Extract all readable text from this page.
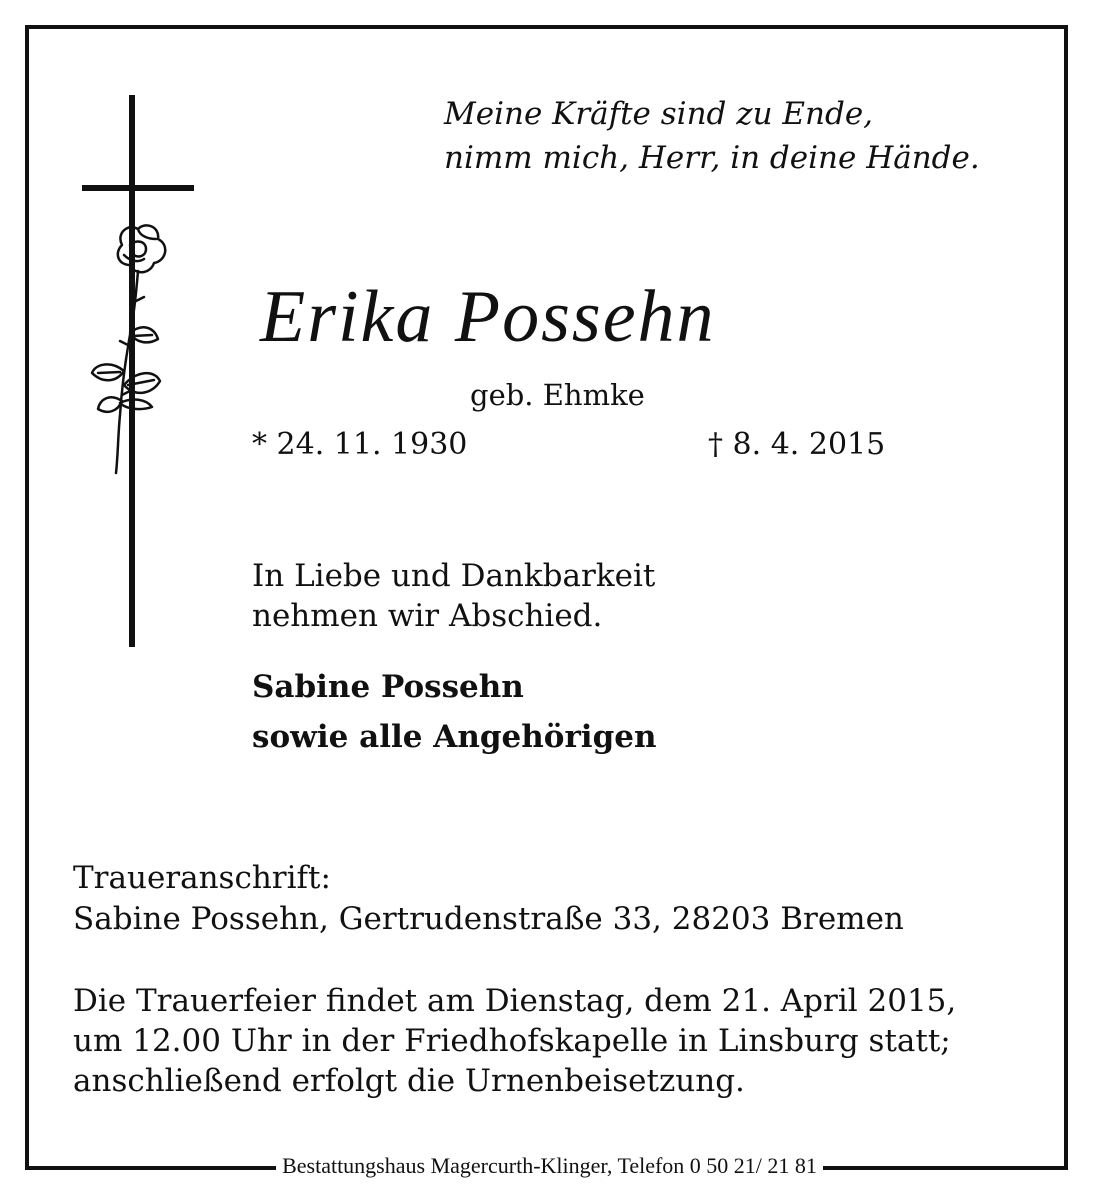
Meine Kräfte sind zu Ende,
nimm mich, Herr, in deine Hände.
Erika Possehn
geb. Ehmke
* 24. 11. 1930	† 8. 4. 2015
In Liebe und Dankbarkeit
nehmen wir Abschied.
Sabine Possehn
sowie alle Angehörigen
Traueranschrift:
Sabine Possehn, Gertrudenstraße 33, 28203 Bremen
Die Trauerfeier findet am Dienstag, dem 21. April 2015,
um 12.00 Uhr in der Friedhofskapelle in Linsburg statt;
anschließend erfolgt die Urnenbeisetzung.
Bestattungshaus Magercurth-Klinger, Telefon 0 50 21/ 21 81
